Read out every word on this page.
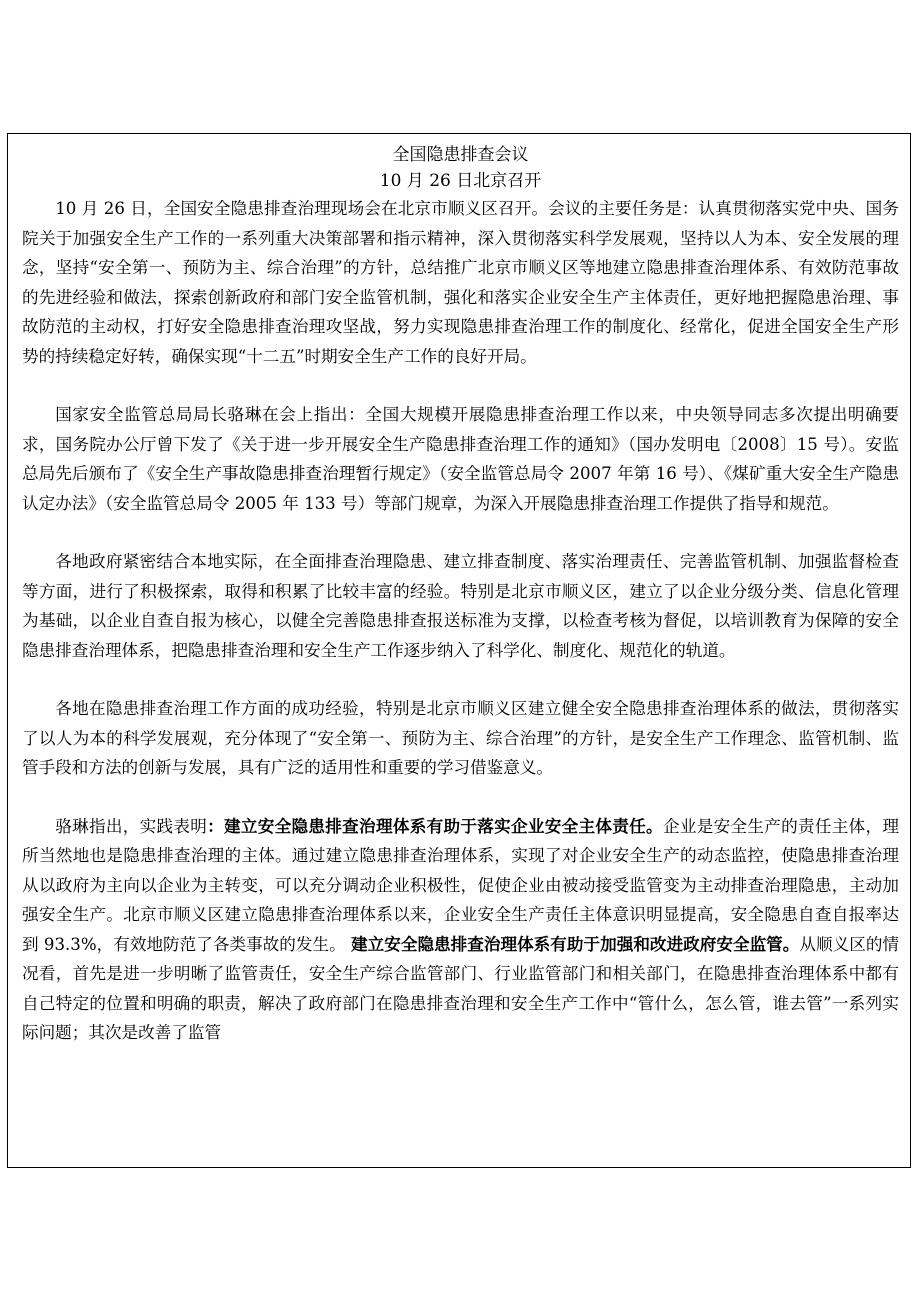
全国隐患排查会议

10 月 26 日北京召开

10 月 26 日，全国安全隐患排查治理现场会在北京市顺义区召开。会议的主要任务是：认真贯彻落实党中央、国务院关于加强安全生产工作的一系列重大决策部署和指示精神，深入贯彻落实科学发展观，坚持以人为本、安全发展的理念，坚持“安全第一、预防为主、综合治理”的方针，总结推广北京市顺义区等地建立隐患排查治理体系、有效防范事故的先进经验和做法，探索创新政府和部门安全监管机制，强化和落实企业安全生产主体责任，更好地把握隐患治理、事故防范的主动权，打好安全隐患排查治理攻坚战，努力实现隐患排查治理工作的制度化、经常化，促进全国安全生产形势的持续稳定好转，确保实现“十二五”时期安全生产工作的良好开局。

国家安全监管总局局长骆琳在会上指出：全国大规模开展隐患排查治理工作以来，中央领导同志多次提出明确要求，国务院办公厅曾下发了《关于进一步开展安全生产隐患排查治理工作的通知》（国办发明电〔2008〕15 号）。安监总局先后颁布了《安全生产事故隐患排查治理暂行规定》（安全监管总局令 2007 年第 16 号）、《煤矿重大安全生产隐患认定办法》（安全监管总局令 2005 年 133 号）等部门规章，为深入开展隐患排查治理工作提供了指导和规范。

各地政府紧密结合本地实际，在全面排查治理隐患、建立排查制度、落实治理责任、完善监管机制、加强监督检查等方面，进行了积极探索，取得和积累了比较丰富的经验。特别是北京市顺义区，建立了以企业分级分类、信息化管理为基础，以企业自查自报为核心，以健全完善隐患排查报送标准为支撑，以检查考核为督促，以培训教育为保障的安全隐患排查治理体系，把隐患排查治理和安全生产工作逐步纳入了科学化、制度化、规范化的轨道。

各地在隐患排查治理工作方面的成功经验，特别是北京市顺义区建立健全安全隐患排查治理体系的做法，贯彻落实了以人为本的科学发展观，充分体现了“安全第一、预防为主、综合治理”的方针，是安全生产工作理念、监管机制、监管手段和方法的创新与发展，具有广泛的适用性和重要的学习借鉴意义。

骆琳指出，实践表明：建立安全隐患排查治理体系有助于落实企业安全主体责任。企业是安全生产的责任主体，理所当然地也是隐患排查治理的主体。通过建立隐患排查治理体系，实现了对企业安全生产的动态监控，使隐患排查治理从以政府为主向以企业为主转变，可以充分调动企业积极性，促使企业由被动接受监管变为主动排查治理隐患，主动加强安全生产。北京市顺义区建立隐患排查治理体系以来，企业安全生产责任主体意识明显提高，安全隐患自查自报率达到 93.3%，有效地防范了各类事故的发生。 建立安全隐患排查治理体系有助于加强和改进政府安全监管。从顺义区的情况看，首先是进一步明晰了监管责任，安全生产综合监管部门、行业监管部门和相关部门，在隐患排查治理体系中都有自己特定的位置和明确的职责，解决了政府部门在隐患排查治理和安全生产工作中“管什么，怎么管，谁去管”一系列实际问题；其次是改善了监管
